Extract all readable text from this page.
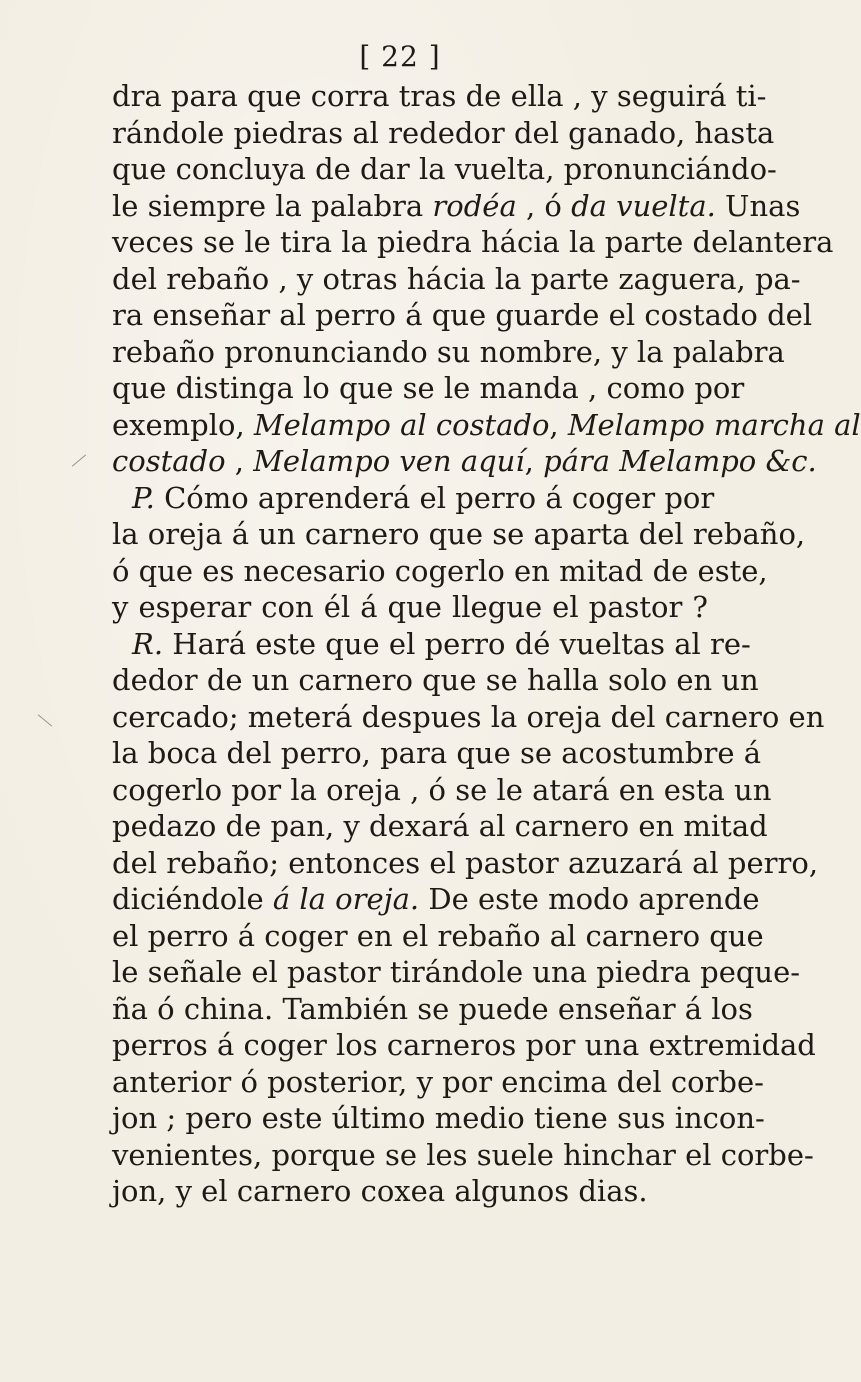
[ 22 ]
dra para que corra tras de ella , y seguirá ti-
rándole piedras al rededor del ganado, hasta
que concluya de dar la vuelta, pronunciándo-
le siempre la palabra rodéa , ó da vuelta. Unas
veces se le tira la piedra hácia la parte delantera
del rebaño , y otras hácia la parte zaguera, pa-
ra enseñar al perro á que guarde el costado del
rebaño pronunciando su nombre, y la palabra
que distinga lo que se le manda , como por
exemplo, Melampo al costado, Melampo marcha al
costado , Melampo ven aquí, pára Melampo &c.
P. Cómo aprenderá el perro á coger por
la oreja á un carnero que se aparta del rebaño,
ó que es necesario cogerlo en mitad de este,
y esperar con él á que llegue el pastor ?
R. Hará este que el perro dé vueltas al re-
dedor de un carnero que se halla solo en un
cercado; meterá despues la oreja del carnero en
la boca del perro, para que se acostumbre á
cogerlo por la oreja , ó se le atará en esta un
pedazo de pan, y dexará al carnero en mitad
del rebaño; entonces el pastor azuzará al perro,
diciéndole á la oreja. De este modo aprende
el perro á coger en el rebaño al carnero que
le señale el pastor tirándole una piedra peque-
ña ó china. También se puede enseñar á los
perros á coger los carneros por una extremidad
anterior ó posterior, y por encima del corbe-
jon ; pero este último medio tiene sus incon-
venientes, porque se les suele hinchar el corbe-
jon, y el carnero coxea algunos dias.
